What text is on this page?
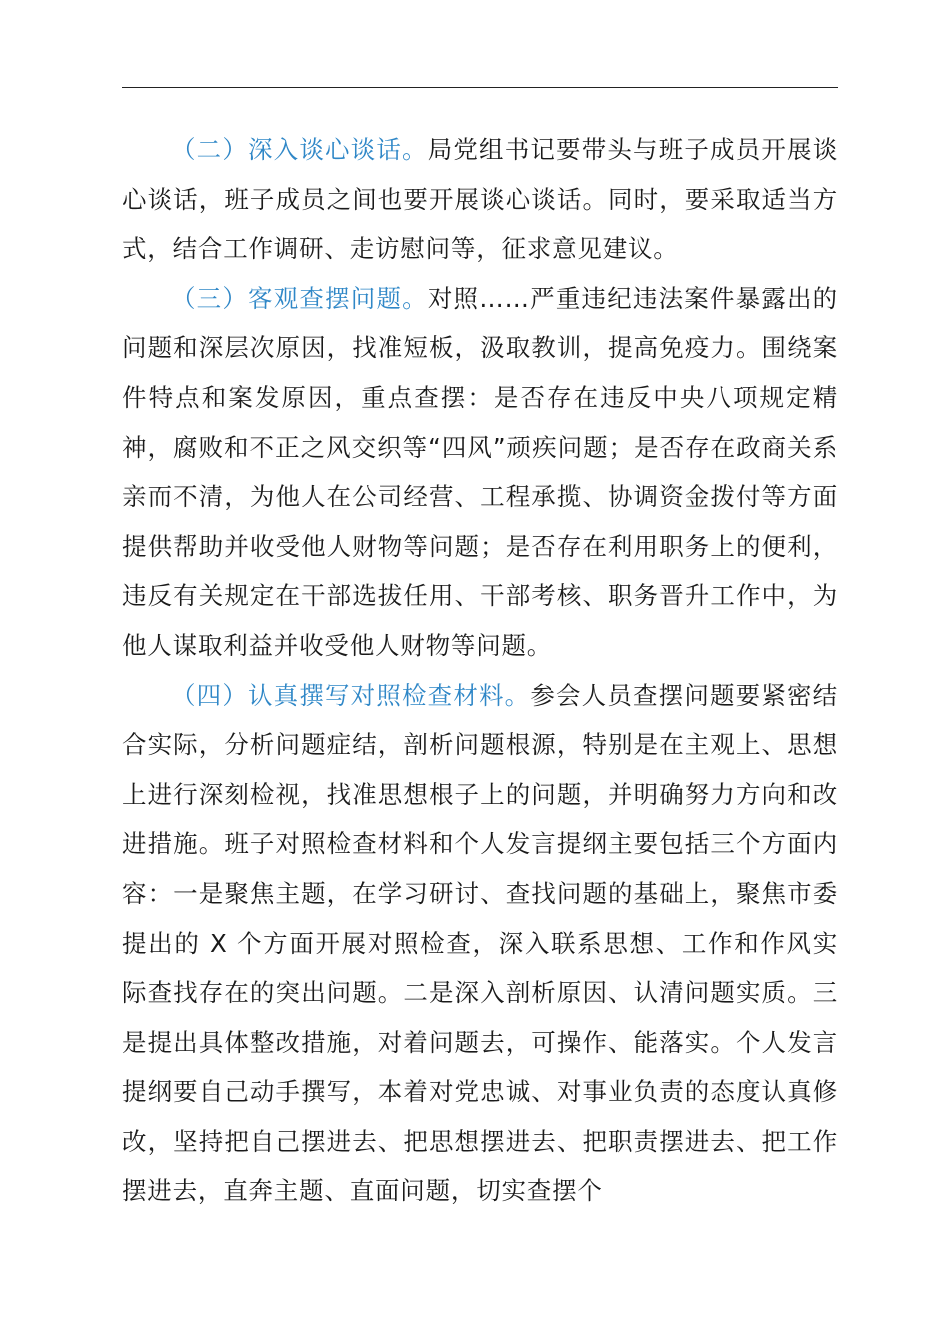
（二）深入谈心谈话。局党组书记要带头与班子成员开展谈心谈话，班子成员之间也要开展谈心谈话。同时，要采取适当方式，结合工作调研、走访慰问等，征求意见建议。

（三）客观查摆问题。对照……严重违纪违法案件暴露出的问题和深层次原因，找准短板，汲取教训，提高免疫力。围绕案件特点和案发原因，重点查摆：是否存在违反中央八项规定精神，腐败和不正之风交织等“四风”顽疾问题；是否存在政商关系亲而不清，为他人在公司经营、工程承揽、协调资金拨付等方面提供帮助并收受他人财物等问题；是否存在利用职务上的便利，违反有关规定在干部选拔任用、干部考核、职务晋升工作中，为他人谋取利益并收受他人财物等问题。

（四）认真撰写对照检查材料。参会人员查摆问题要紧密结合实际，分析问题症结，剖析问题根源，特别是在主观上、思想上进行深刻检视，找准思想根子上的问题，并明确努力方向和改进措施。班子对照检查材料和个人发言提纲主要包括三个方面内容：一是聚焦主题，在学习研讨、查找问题的基础上，聚焦市委提出的 X 个方面开展对照检查，深入联系思想、工作和作风实际查找存在的突出问题。二是深入剖析原因、认清问题实质。三是提出具体整改措施，对着问题去，可操作、能落实。个人发言提纲要自己动手撰写，本着对党忠诚、对事业负责的态度认真修改，坚持把自己摆进去、把思想摆进去、把职责摆进去、把工作摆进去，直奔主题、直面问题，切实查摆个
